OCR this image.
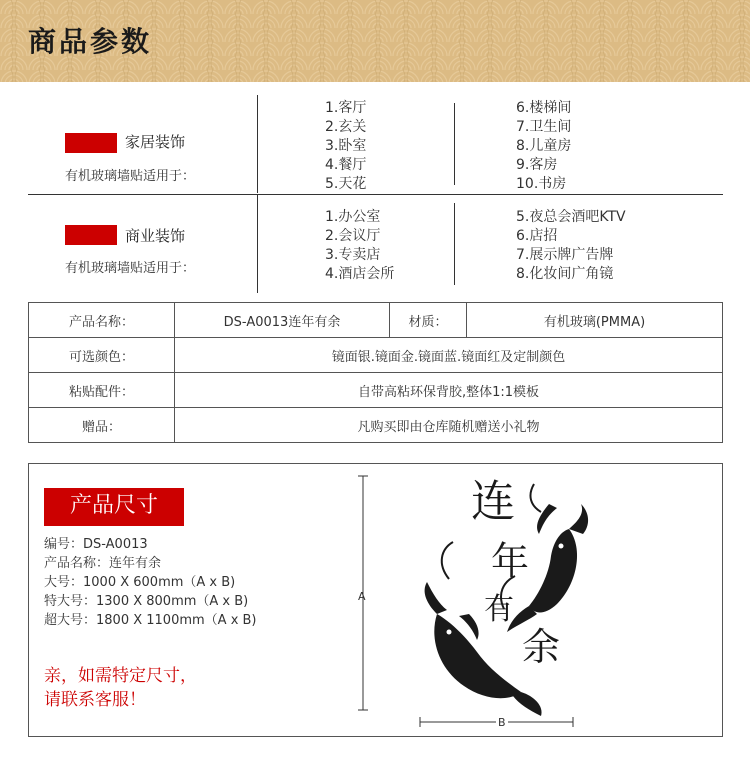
商品参数
家居装饰
有机玻璃墙贴适用于：
1.客厅
2.玄关
3.卧室
4.餐厅
5.天花
6.楼梯间
7.卫生间
8.儿童房
9.客房
10.书房
商业装饰
有机玻璃墙贴适用于：
1.办公室
2.会议厅
3.专卖店
4.酒店会所
5.夜总会酒吧KTV
6.店招
7.展示牌广告牌
8.化妆间广角镜
产品名称：	DS-A0013连年有余	材质：	有机玻璃(PMMA)
可选颜色：	镜面银.镜面金.镜面蓝.镜面红及定制颜色		
粘贴配件：	自带高粘环保背胶,整体1:1模板		
赠品：	凡购买即由仓库随机赠送小礼物		
产品尺寸
编号：DS-A0013
产品名称：连年有余
大号：1000 X 600mm（A x B)
特大号：1300 X 800mm（A x B)
超大号：1800 X 1100mm（A x B)
亲，如需特定尺寸，
请联系客服！
连
年
有
余
A
B
